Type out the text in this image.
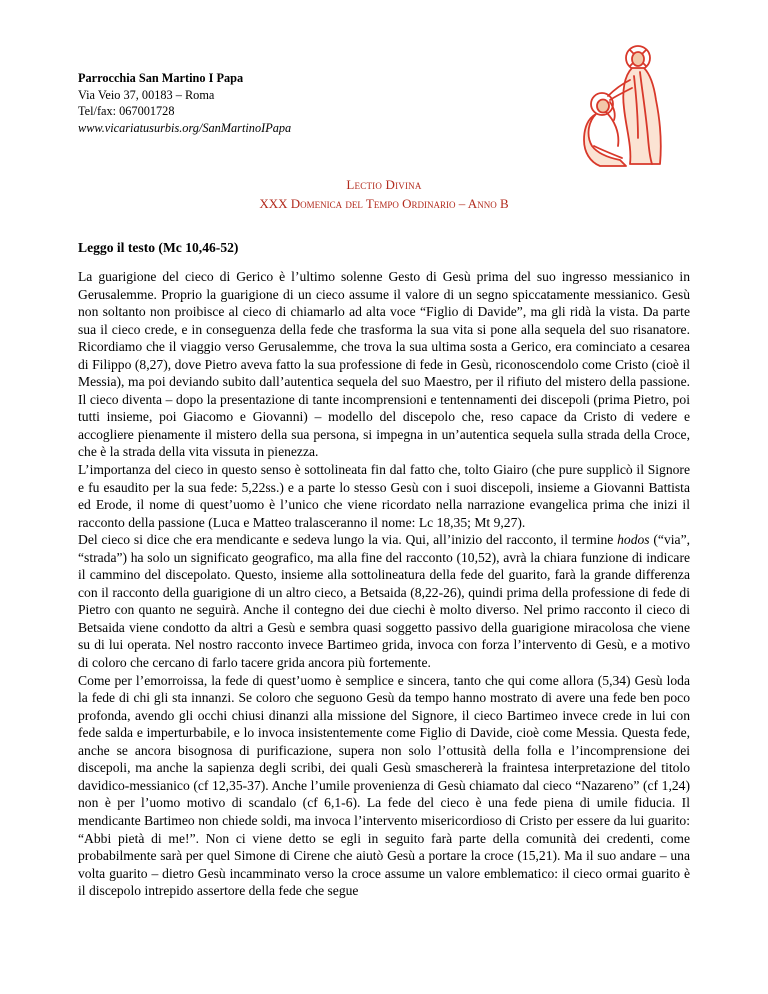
Parrocchia San Martino I Papa
Via Veio 37, 00183 – Roma
Tel/fax: 067001728
www.vicariatusurbis.org/SanMartinoIPapa
Lectio Divina
XXX Domenica del Tempo Ordinario – Anno B
Leggo il testo (Mc 10,46-52)

La guarigione del cieco di Gerico è l’ultimo solenne Gesto di Gesù prima del suo ingresso messianico in Gerusalemme. Proprio la guarigione di un cieco assume il valore di un segno spiccatamente messianico. Gesù non soltanto non proibisce al cieco di chiamarlo ad alta voce “Figlio di Davide”, ma gli ridà la vista. Da parte sua il cieco crede, e in conseguenza della fede che trasforma la sua vita si pone alla sequela del suo risanatore. Ricordiamo che il viaggio verso Gerusalemme, che trova la sua ultima sosta a Gerico, era cominciato a cesarea di Filippo (8,27), dove Pietro aveva fatto la sua professione di fede in Gesù, riconoscendolo come Cristo (cioè il Messia), ma poi deviando subito dall’autentica sequela del suo Maestro, per il rifiuto del mistero della passione. Il cieco diventa – dopo la presentazione di tante incomprensioni e tentennamenti dei discepoli (prima Pietro, poi tutti insieme, poi Giacomo e Giovanni) – modello del discepolo che, reso capace da Cristo di vedere e accogliere pienamente il mistero della sua persona, si impegna in un’autentica sequela sulla strada della Croce, che è la strada della vita vissuta in pienezza.

L’importanza del cieco in questo senso è sottolineata fin dal fatto che, tolto Giairo (che pure supplicò il Signore e fu esaudito per la sua fede: 5,22ss.) e a parte lo stesso Gesù con i suoi discepoli, insieme a Giovanni Battista ed Erode, il nome di quest’uomo è l’unico che viene ricordato nella narrazione evangelica prima che inizi il racconto della passione (Luca e Matteo tralasceranno il nome: Lc 18,35; Mt 9,27).

Del cieco si dice che era mendicante e sedeva lungo la via. Qui, all’inizio del racconto, il termine hodos (“via”, “strada”) ha solo un significato geografico, ma alla fine del racconto (10,52), avrà la chiara funzione di indicare il cammino del discepolato. Questo, insieme alla sottolineatura della fede del guarito, farà la grande differenza con il racconto della guarigione di un altro cieco, a Betsaida (8,22-26), quindi prima della professione di fede di Pietro con quanto ne seguirà. Anche il contegno dei due ciechi è molto diverso. Nel primo racconto il cieco di Betsaida viene condotto da altri a Gesù e sembra quasi soggetto passivo della guarigione miracolosa che viene su di lui operata. Nel nostro racconto invece Bartimeo grida, invoca con forza l’intervento di Gesù, e a motivo di coloro che cercano di farlo tacere grida ancora più fortemente.

Come per l’emorroissa, la fede di quest’uomo è semplice e sincera, tanto che qui come allora (5,34) Gesù loda la fede di chi gli sta innanzi. Se coloro che seguono Gesù da tempo hanno mostrato di avere una fede ben poco profonda, avendo gli occhi chiusi dinanzi alla missione del Signore, il cieco Bartimeo invece crede in lui con fede salda e imperturbabile, e lo invoca insistentemente come Figlio di Davide, cioè come Messia. Questa fede, anche se ancora bisognosa di purificazione, supera non solo l’ottusità della folla e l’incomprensione dei discepoli, ma anche la sapienza degli scribi, dei quali Gesù smaschererà la fraintesa interpretazione del titolo davidico-messianico (cf 12,35-37). Anche l’umile provenienza di Gesù chiamato dal cieco “Nazareno” (cf 1,24) non è per l’uomo motivo di scandalo (cf 6,1-6). La fede del cieco è una fede piena di umile fiducia. Il mendicante Bartimeo non chiede soldi, ma invoca l’intervento misericordioso di Cristo per essere da lui guarito: “Abbi pietà di me!”. Non ci viene detto se egli in seguito farà parte della comunità dei credenti, come probabilmente sarà per quel Simone di Cirene che aiutò Gesù a portare la croce (15,21). Ma il suo andare – una volta guarito – dietro Gesù incamminato verso la croce assume un valore emblematico: il cieco ormai guarito è il discepolo intrepido assertore della fede che segue
